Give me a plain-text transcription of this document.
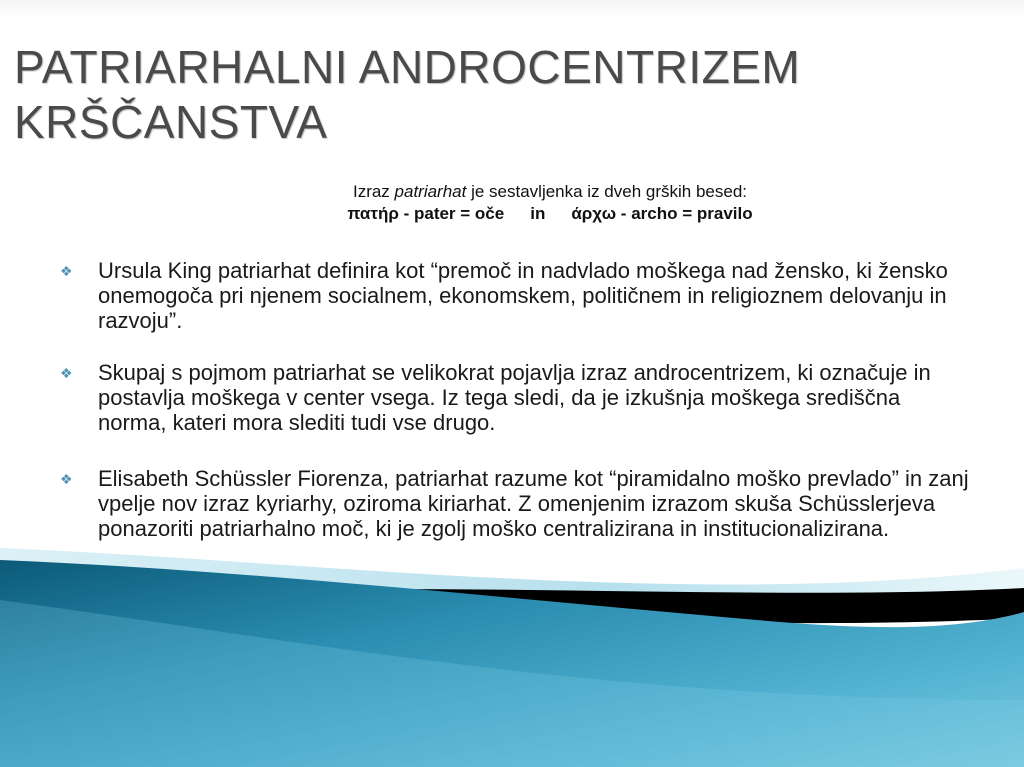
PATRIARHALNI ANDROCENTRIZEM
KRŠČANSTVA
Izraz patriarhat je sestavljenka iz dveh grških besed:
πατήρ - pater = oče in άρχω - archo = pravilo
❖ Ursula King patriarhat definira kot “premoč in nadvlado moškega nad žensko, ki žensko onemogoča pri njenem socialnem, ekonomskem, političnem in religioznem delovanju in razvoju”.
❖ Skupaj s pojmom patriarhat se velikokrat pojavlja izraz androcentrizem, ki označuje in postavlja moškega v center vsega. Iz tega sledi, da je izkušnja moškega središčna norma, kateri mora slediti tudi vse drugo.
❖ Elisabeth Schüssler Fiorenza, patriarhat razume kot “piramidalno moško prevlado” in zanj vpelje nov izraz kyriarhy, oziroma kiriarhat. Z omenjenim izrazom skuša Schüsslerjeva ponazoriti patriarhalno moč, ki je zgolj moško centralizirana in institucionalizirana.
